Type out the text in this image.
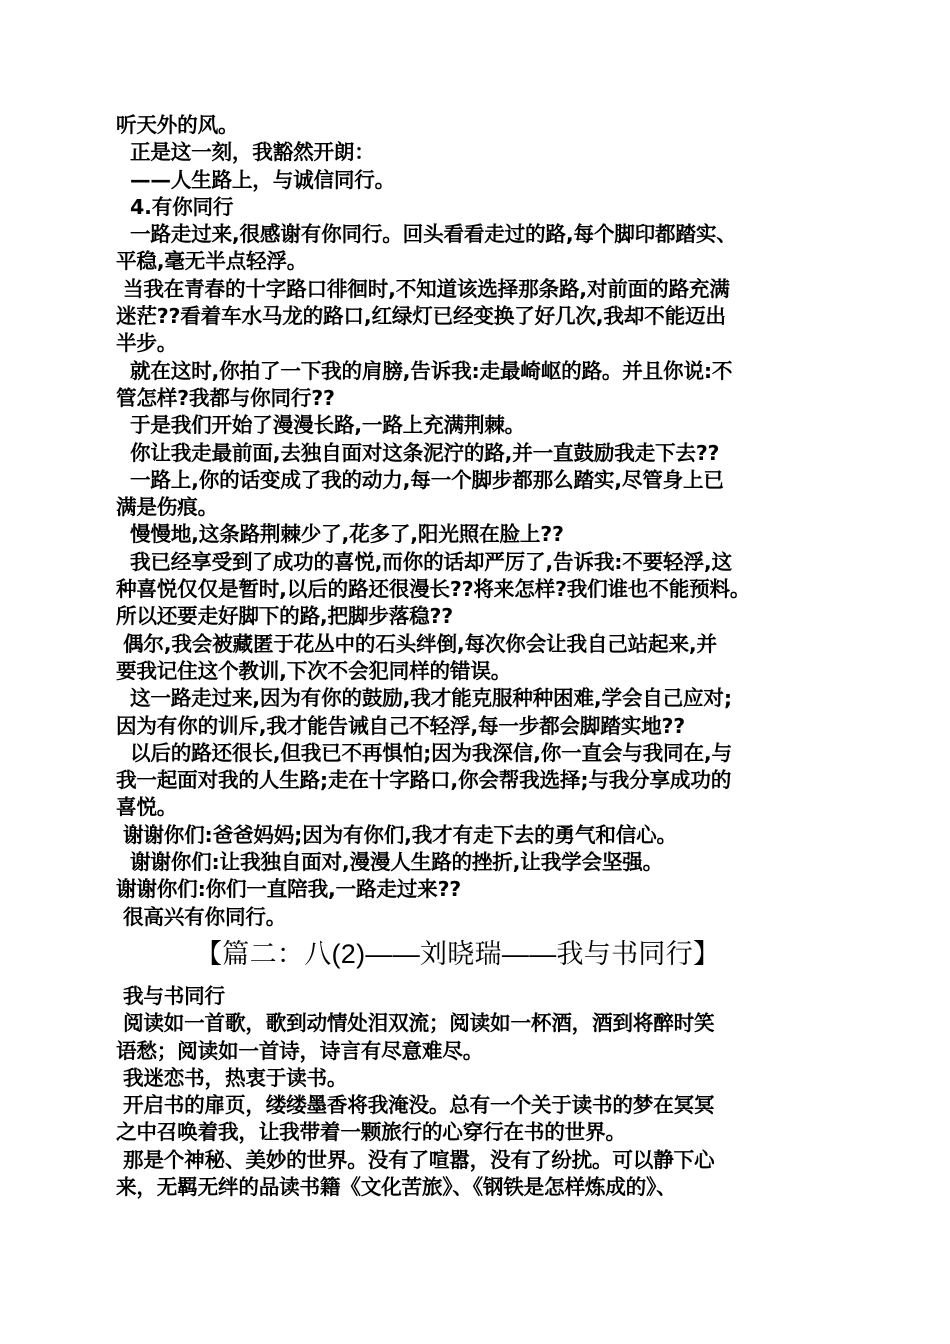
听天外的风。
正是这一刻，我豁然开朗：
——人生路上，与诚信同行。
4.有你同行
一路走过来,很感谢有你同行。回头看看走过的路,每个脚印都踏实、
平稳,毫无半点轻浮。
当我在青春的十字路口徘徊时,不知道该选择那条路,对前面的路充满
迷茫??看着车水马龙的路口,红绿灯已经变换了好几次,我却不能迈出
半步。
就在这时,你拍了一下我的肩膀,告诉我:走最崎岖的路。并且你说:不
管怎样?我都与你同行??
于是我们开始了漫漫长路,一路上充满荆棘。
你让我走最前面,去独自面对这条泥泞的路,并一直鼓励我走下去??
一路上,你的话变成了我的动力,每一个脚步都那么踏实,尽管身上已
满是伤痕。
慢慢地,这条路荆棘少了,花多了,阳光照在脸上??
我已经享受到了成功的喜悦,而你的话却严厉了,告诉我:不要轻浮,这
种喜悦仅仅是暂时,以后的路还很漫长??将来怎样?我们谁也不能预料。
所以还要走好脚下的路,把脚步落稳??
偶尔,我会被藏匿于花丛中的石头绊倒,每次你会让我自己站起来,并
要我记住这个教训,下次不会犯同样的错误。
这一路走过来,因为有你的鼓励,我才能克服种种困难,学会自己应对;
因为有你的训斥,我才能告诫自己不轻浮,每一步都会脚踏实地??
以后的路还很长,但我已不再惧怕;因为我深信,你一直会与我同在,与
我一起面对我的人生路;走在十字路口,你会帮我选择;与我分享成功的
喜悦。
谢谢你们:爸爸妈妈;因为有你们,我才有走下去的勇气和信心。
谢谢你们:让我独自面对,漫漫人生路的挫折,让我学会坚强。
谢谢你们:你们一直陪我,一路走过来??
很高兴有你同行。
【篇二：八(2)——刘晓瑞——我与书同行】
我与书同行
阅读如一首歌，歌到动情处泪双流；阅读如一杯酒，酒到将醉时笑
语愁；阅读如一首诗，诗言有尽意难尽。
我迷恋书，热衷于读书。
开启书的扉页，缕缕墨香将我淹没。总有一个关于读书的梦在冥冥
之中召唤着我，让我带着一颗旅行的心穿行在书的世界。
那是个神秘、美妙的世界。没有了喧嚣，没有了纷扰。可以静下心
来，无羁无绊的品读书籍《文化苦旅》、《钢铁是怎样炼成的》、
